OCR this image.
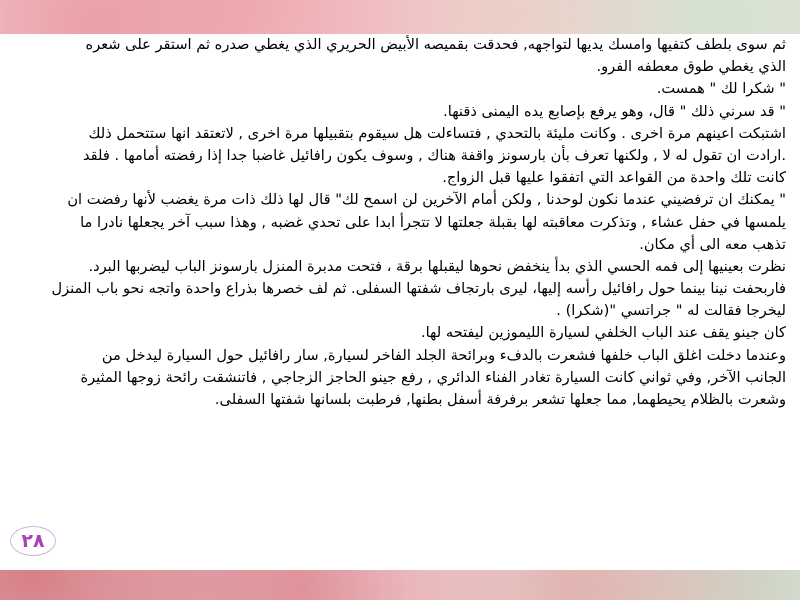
ثم سوى بلطف كتفيها وامسك يديها لتواجهه, فحدقت بقميصه الأبيض الحريري الذي يغطي صدره ثم استقر على شعره
الذي يغطي طوق معطفه الفرو.
" شكرا لك " همست.
" قد سرني ذلك " قال، وهو يرفع بإصابع يده اليمنى ذقنها.
اشتبكت اعينهم مرة اخرى . وكانت مليئة بالتحدي , فتساءلت هل سيقوم بتقبيلها مرة اخرى , لاتعتقد انها ستتحمل ذلك
.ارادت ان تقول له لا , ولكنها تعرف بأن بارسونز واقفة هناك , وسوف يكون رافائيل غاضبا جدا إذا رفضته أمامها . فلقد
كانت تلك واحدة من القواعد التي اتفقوا عليها قبل الزواج.
" يمكنك ان ترفضيني عندما نكون لوحدنا , ولكن أمام الآخرين لن اسمح لك" قال لها ذلك ذات مرة يغضب لأنها رفضت ان
يلمسها في حفل عشاء , وتذكرت معاقبته لها بقبلة جعلتها لا تتجرأ ابدا على تحدي غضبه , وهذا سبب آخر يجعلها نادرا ما
تذهب معه الى أي مكان.
نظرت بعينيها إلى فمه الحسي الذي بدأ ينخفض نحوها ليقبلها برقة ، فتحت مدبرة المنزل بارسونز الباب ليضربها البرد.
فاربحفت نينا بينما حول رافائيل رأسه إليها، ليرى بارتجاف شفتها السفلى. ثم لف خصرها بذراع واحدة واتجه نحو باب المنزل
ليخرجا فقالت له " جراتسي "(شكرا) .
كان جينو يقف عند الباب الخلفي لسيارة الليموزين ليفتحه لها.
وعندما دخلت اغلق الباب خلفها فشعرت بالدفء وبرائحة الجلد الفاخر لسيارة, سار رافائيل حول السيارة ليدخل من
الجانب الآخر, وفي ثواني كانت السيارة تغادر الفناء الدائري , رفع جينو الحاجز الزجاجي , فاتنشقت رائحة زوجها المثيرة
وشعرت بالظلام يحيطهما, مما جعلها تشعر برفرفة أسفل بطنها, فرطبت بلسانها شفتها السفلى.
٢٨
